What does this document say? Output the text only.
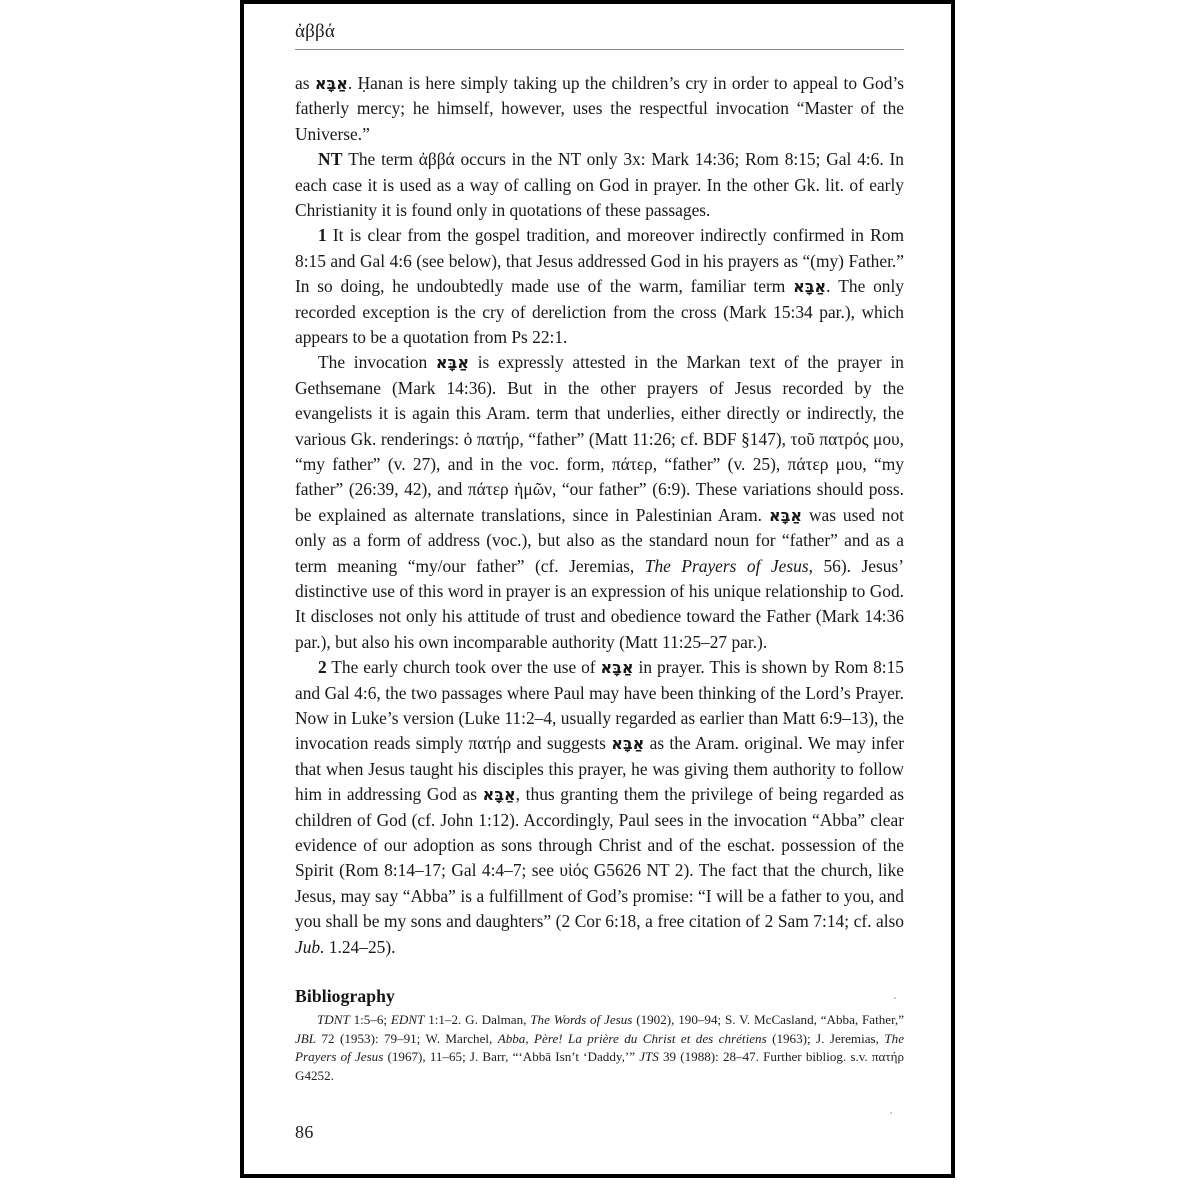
ἀββά

as אַבָּא. Ḥanan is here simply taking up the children’s cry in order to appeal to God’s fatherly mercy; he himself, however, uses the respectful invocation “Master of the Universe.”

NT The term ἀββά occurs in the NT only 3x: Mark 14:36; Rom 8:15; Gal 4:6. In each case it is used as a way of calling on God in prayer. In the other Gk. lit. of early Christianity it is found only in quotations of these passages.

1 It is clear from the gospel tradition, and moreover indirectly confirmed in Rom 8:15 and Gal 4:6 (see below), that Jesus addressed God in his prayers as “(my) Father.” In so doing, he undoubtedly made use of the warm, familiar term אַבָּא. The only recorded exception is the cry of dereliction from the cross (Mark 15:34 par.), which appears to be a quotation from Ps 22:1.

The invocation אַבָּא is expressly attested in the Markan text of the prayer in Gethsemane (Mark 14:36). But in the other prayers of Jesus recorded by the evangelists it is again this Aram. term that underlies, either directly or indirectly, the various Gk. renderings: ὁ πατήρ, “father” (Matt 11:26; cf. BDF §147), τοῦ πατρός μου, “my father” (v. 27), and in the voc. form, πάτερ, “father” (v. 25), πάτερ μου, “my father” (26:39, 42), and πάτερ ἡμῶν, “our father” (6:9). These variations should poss. be explained as alternate translations, since in Palestinian Aram. אַבָּא was used not only as a form of address (voc.), but also as the standard noun for “father” and as a term meaning “my/our father” (cf. Jeremias, The Prayers of Jesus, 56). Jesus’ distinctive use of this word in prayer is an expression of his unique relationship to God. It discloses not only his attitude of trust and obedience toward the Father (Mark 14:36 par.), but also his own incomparable authority (Matt 11:25–27 par.).

2 The early church took over the use of אַבָּא in prayer. This is shown by Rom 8:15 and Gal 4:6, the two passages where Paul may have been thinking of the Lord’s Prayer. Now in Luke’s version (Luke 11:2–4, usually regarded as earlier than Matt 6:9–13), the invocation reads simply πατήρ and suggests אַבָּא as the Aram. original. We may infer that when Jesus taught his disciples this prayer, he was giving them authority to follow him in addressing God as אַבָּא, thus granting them the privilege of being regarded as children of God (cf. John 1:12). Accordingly, Paul sees in the invocation “Abba” clear evidence of our adoption as sons through Christ and of the eschat. possession of the Spirit (Rom 8:14–17; Gal 4:4–7; see υἱός G5626 NT 2). The fact that the church, like Jesus, may say “Abba” is a fulfillment of God’s promise: “I will be a father to you, and you shall be my sons and daughters” (2 Cor 6:18, a free citation of 2 Sam 7:14; cf. also Jub. 1.24–25).

Bibliography
TDNT 1:5–6; EDNT 1:1–2. G. Dalman, The Words of Jesus (1902), 190–94; S. V. McCasland, “Abba, Father,” JBL 72 (1953): 79–91; W. Marchel, Abba, Père! La prière du Christ et des chrétiens (1963); J. Jeremias, The Prayers of Jesus (1967), 11–65; J. Barr, “‘Abbā Isn’t ‘Daddy,’” JTS 39 (1988): 28–47. Further bibliog. s.v. πατήρ G4252.
86
